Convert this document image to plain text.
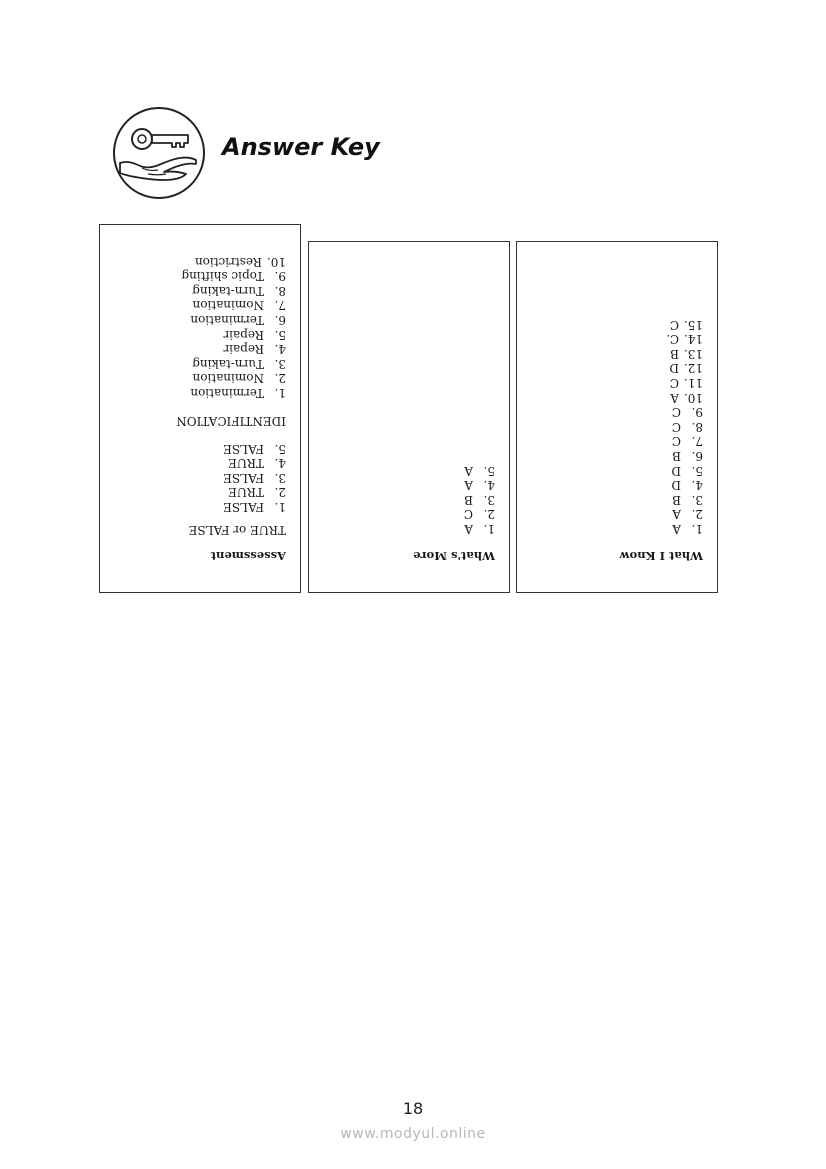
Answer Key
Assessment
TRUE or FALSE
1.FALSE
2.TRUE
3.FALSE
4.TRUE
5.FALSE
IDENTIFICATION
1.Termination
2.Nomination
3.Turn-taking
4.Repair
5.Repair
6.Termination
7.Nomination
8.Turn-taking
9.Topic shifting
10.Restriction
What's More
1.A
2.C
3.B
4.A
5.A
What I Know
1.A
2.A
3.B
4.D
5.D
6.B
7.C
8.C
9.C
10.A
11.C
12.D
13.B
14.C.
15.C
18
www.modyul.online
